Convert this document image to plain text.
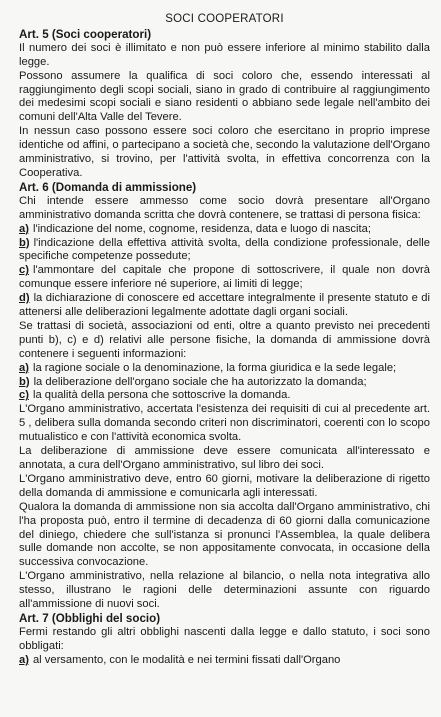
SOCI COOPERATORI
Art. 5 (Soci cooperatori)

Il numero dei soci è illimitato e non può essere inferiore al minimo stabilito dalla legge.

Possono assumere la qualifica di soci coloro che, essendo interessati al raggiungimento degli scopi sociali, siano in grado di contribuire al raggiungimento dei medesimi scopi sociali e siano residenti o abbiano sede legale nell'ambito dei comuni dell'Alta Valle del Tevere.

In nessun caso possono essere soci coloro che esercitano in proprio imprese identiche od affini, o partecipano a società che, secondo la valutazione dell'Organo amministrativo, si trovino, per l'attività svolta, in effettiva concorrenza con la Cooperativa.

Art. 6 (Domanda di ammissione)

Chi intende essere ammesso come socio dovrà presentare all'Organo amministrativo domanda scritta che dovrà contenere, se trattasi di persona fisica:

a) l'indicazione del nome, cognome, residenza, data e luogo di nascita;
b) l'indicazione della effettiva attività svolta, della condizione professionale, delle specifiche competenze possedute;
c) l'ammontare del capitale che propone di sottoscrivere, il quale non dovrà comunque essere inferiore né superiore, ai limiti di legge;
d) la dichiarazione di conoscere ed accettare integralmente il presente statuto e di attenersi alle deliberazioni legalmente adottate dagli organi sociali.

Se trattasi di società, associazioni od enti, oltre a quanto previsto nei precedenti punti b), c) e d) relativi alle persone fisiche, la domanda di ammissione dovrà contenere i seguenti informazioni:

a) la ragione sociale o la denominazione, la forma giuridica e la sede legale;
b) la deliberazione dell'organo sociale che ha autorizzato la domanda;
c) la qualità della persona che sottoscrive la domanda.

L'Organo amministrativo, accertata l'esistenza dei requisiti di cui al precedente art. 5 , delibera sulla domanda secondo criteri non discriminatori, coerenti con lo scopo mutualistico e con l'attività economica svolta.

La deliberazione di ammissione deve essere comunicata all'interessato e annotata, a cura dell'Organo amministrativo, sul libro dei soci.

L'Organo amministrativo deve, entro 60 giorni, motivare la deliberazione di rigetto della domanda di ammissione e comunicarla agli interessati.

Qualora la domanda di ammissione non sia accolta dall'Organo amministrativo, chi l'ha proposta può, entro il termine di decadenza di 60 giorni dalla comunicazione del diniego, chiedere che sull'istanza si pronunci l'Assemblea, la quale delibera sulle domande non accolte, se non appositamente convocata, in occasione della successiva convocazione.

L'Organo amministrativo, nella relazione al bilancio, o nella nota integrativa allo stesso, illustrano le ragioni delle determinazioni assunte con riguardo all'ammissione di nuovi soci.

Art. 7 (Obblighi del socio)

Fermi restando gli altri obblighi nascenti dalla legge e dallo statuto, i soci sono obbligati:

a) al versamento, con le modalità e nei termini fissati dall'Organo
